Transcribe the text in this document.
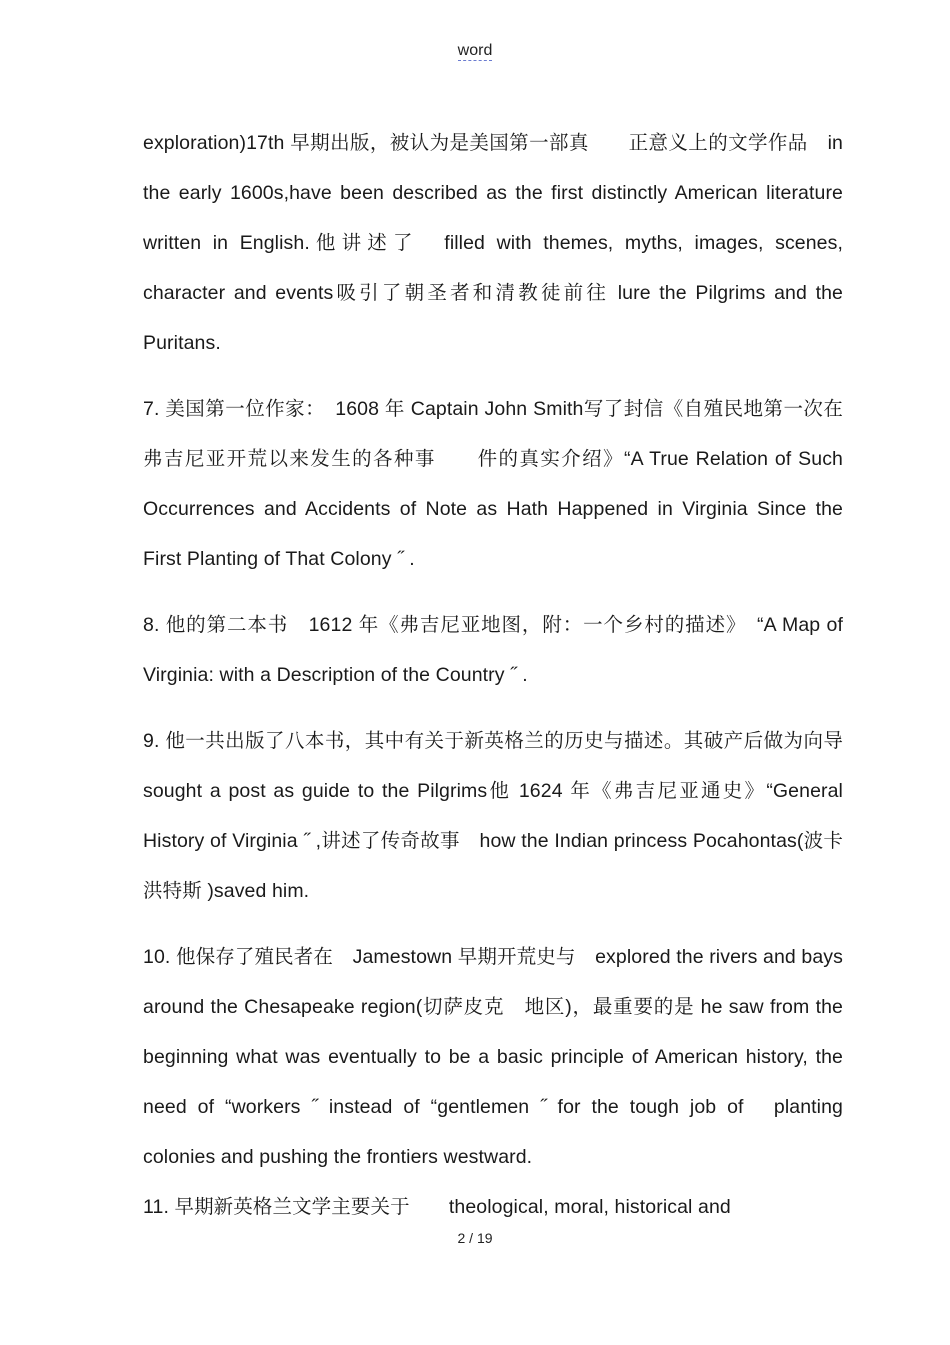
word

exploration)17th 早期出版，被认为是美国第一部真　　正意义上的文学作品　in the early 1600s,have been described as the first distinctly American literature written in English.他讲述了　filled with themes, myths, images, scenes, character and events吸引了朝圣者和清教徒前往 lure the Pilgrims and the Puritans.

7. 美国第一位作家：　1608 年 Captain John Smith写了封信《自殖民地第一次在弗吉尼亚开荒以来发生的各种事　　件的真实介绍》“A True Relation of Such Occurrences and Accidents of Note as Hath Happened in Virginia Since the First Planting of That Colony ˝ .

8. 他的第二本书　1612 年《弗吉尼亚地图，附：一个乡村的描述》　“A Map of Virginia: with a Description of the Country ˝ .

9. 他一共出版了八本书，其中有关于新英格兰的历史与描述。其破产后做为向导　sought a post as guide to the Pilgrims他 1624 年《弗吉尼亚通史》“General History of Virginia ˝ ,讲述了传奇故事　how the Indian princess Pocahontas(波卡洪特斯 )saved him.

10. 他保存了殖民者在　Jamestown 早期开荒史与　explored the rivers and bays around the Chesapeake region(切萨皮克　地区)，最重要的是 he saw from the beginning what was eventually to be a basic principle of American history, the need of “workers ˝ instead of “gentlemen ˝ for the tough job of　planting colonies and pushing the frontiers westward.

11. 早期新英格兰文学主要关于　　theological, moral, historical and

2 / 19
